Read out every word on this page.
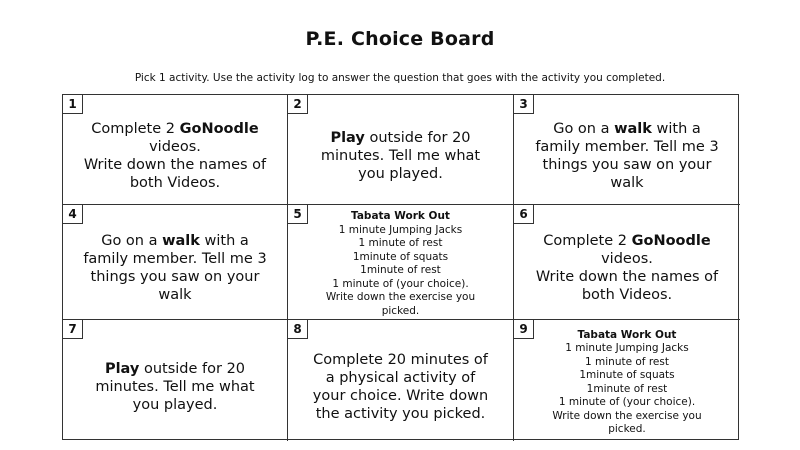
P.E. Choice Board
Pick 1 activity. Use the activity log to answer the question that goes with the activity you completed.
1
Complete 2 GoNoodle
videos.
Write down the names of
both Videos.
2
Play outside for 20
minutes. Tell me what
you played.
3
Go on a walk with a
family member. Tell me 3
things you saw on your
walk
4
Go on a walk with a
family member. Tell me 3
things you saw on your
walk
5	Tabata Work Out
1 minute Jumping Jacks
1 minute of rest
1minute of squats
1minute of rest
1 minute of (your choice).
Write down the exercise you
picked.
6
Complete 2 GoNoodle
videos.
Write down the names of
both Videos.
7
Play outside for 20
minutes. Tell me what
you played.
8
Complete 20 minutes of
a physical activity of
your choice. Write down
the activity you picked.
9	Tabata Work Out
1 minute Jumping Jacks
1 minute of rest
1minute of squats
1minute of rest
1 minute of (your choice).
Write down the exercise you
picked.
